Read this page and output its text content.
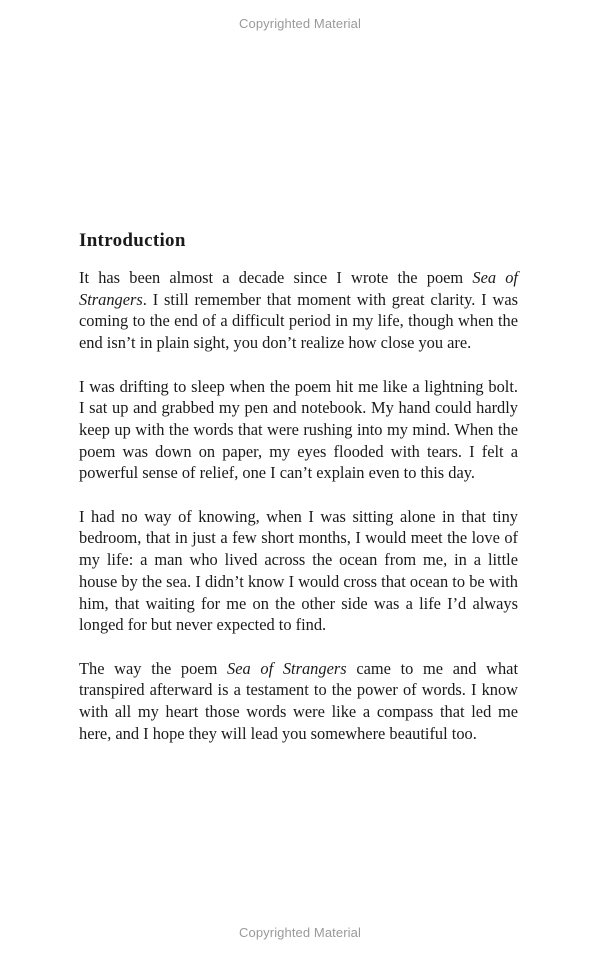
Copyrighted Material
Introduction

It has been almost a decade since I wrote the poem Sea of Strangers. I still remember that moment with great clarity. I was coming to the end of a difficult period in my life, though when the end isn’t in plain sight, you don’t realize how close you are.

I was drifting to sleep when the poem hit me like a lightning bolt. I sat up and grabbed my pen and notebook. My hand could hardly keep up with the words that were rushing into my mind. When the poem was down on paper, my eyes flooded with tears. I felt a powerful sense of relief, one I can’t explain even to this day.

I had no way of knowing, when I was sitting alone in that tiny bedroom, that in just a few short months, I would meet the love of my life: a man who lived across the ocean from me, in a little house by the sea. I didn’t know I would cross that ocean to be with him, that waiting for me on the other side was a life I’d always longed for but never expected to find.

The way the poem Sea of Strangers came to me and what transpired afterward is a testament to the power of words. I know with all my heart those words were like a compass that led me here, and I hope they will lead you somewhere beautiful too.

Copyrighted Material
